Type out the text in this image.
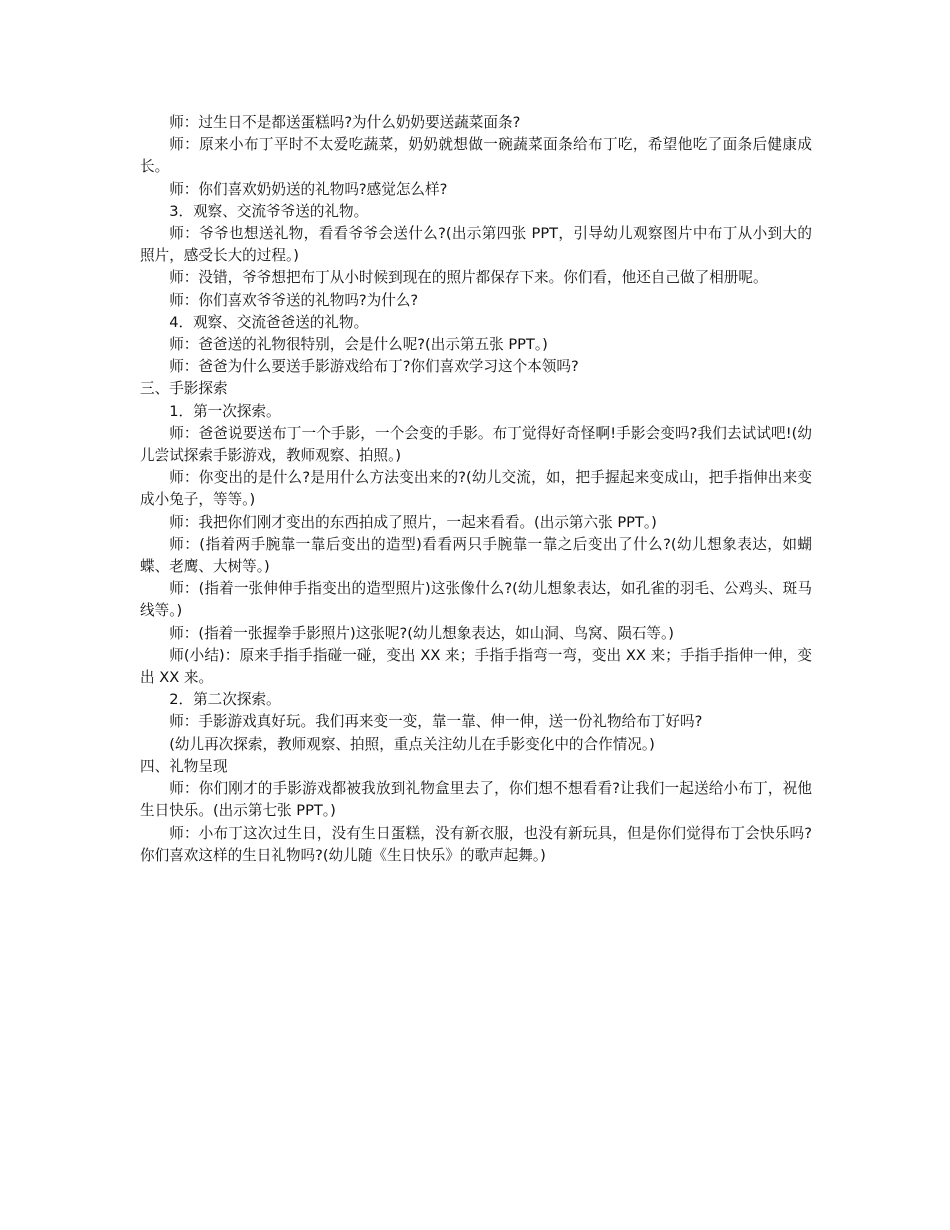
师：过生日不是都送蛋糕吗?为什么奶奶要送蔬菜面条?

师：原来小布丁平时不太爱吃蔬菜，奶奶就想做一碗蔬菜面条给布丁吃，希望他吃了面条后健康成长。

师：你们喜欢奶奶送的礼物吗?感觉怎么样?

3．观察、交流爷爷送的礼物。

师：爷爷也想送礼物，看看爷爷会送什么?(出示第四张 PPT，引导幼儿观察图片中布丁从小到大的照片，感受长大的过程。)

师：没错，爷爷想把布丁从小时候到现在的照片都保存下来。你们看，他还自己做了相册呢。

师：你们喜欢爷爷送的礼物吗?为什么?

4．观察、交流爸爸送的礼物。

师：爸爸送的礼物很特别，会是什么呢?(出示第五张 PPT。)

师：爸爸为什么要送手影游戏给布丁?你们喜欢学习这个本领吗?

三、手影探索

1．第一次探索。

师：爸爸说要送布丁一个手影，一个会变的手影。布丁觉得好奇怪啊!手影会变吗?我们去试试吧!(幼儿尝试探索手影游戏，教师观察、拍照。)

师：你变出的是什么?是用什么方法变出来的?(幼儿交流，如，把手握起来变成山，把手指伸出来变成小兔子，等等。)

师：我把你们刚才变出的东西拍成了照片，一起来看看。(出示第六张 PPT。)

师：(指着两手腕靠一靠后变出的造型)看看两只手腕靠一靠之后变出了什么?(幼儿想象表达，如蝴蝶、老鹰、大树等。)

师：(指着一张伸伸手指变出的造型照片)这张像什么?(幼儿想象表达，如孔雀的羽毛、公鸡头、斑马线等。)

师：(指着一张握拳手影照片)这张呢?(幼儿想象表达，如山洞、鸟窝、陨石等。)

师(小结)：原来手指手指碰一碰，变出 XX 来；手指手指弯一弯，变出 XX 来；手指手指伸一伸，变出 XX 来。

2．第二次探索。

师：手影游戏真好玩。我们再来变一变，靠一靠、伸一伸，送一份礼物给布丁好吗?

(幼儿再次探索，教师观察、拍照，重点关注幼儿在手影变化中的合作情况。)

四、礼物呈现

师：你们刚才的手影游戏都被我放到礼物盒里去了，你们想不想看看?让我们一起送给小布丁，祝他生日快乐。(出示第七张 PPT。)

师：小布丁这次过生日，没有生日蛋糕，没有新衣服，也没有新玩具，但是你们觉得布丁会快乐吗?你们喜欢这样的生日礼物吗?(幼儿随《生日快乐》的歌声起舞。)
